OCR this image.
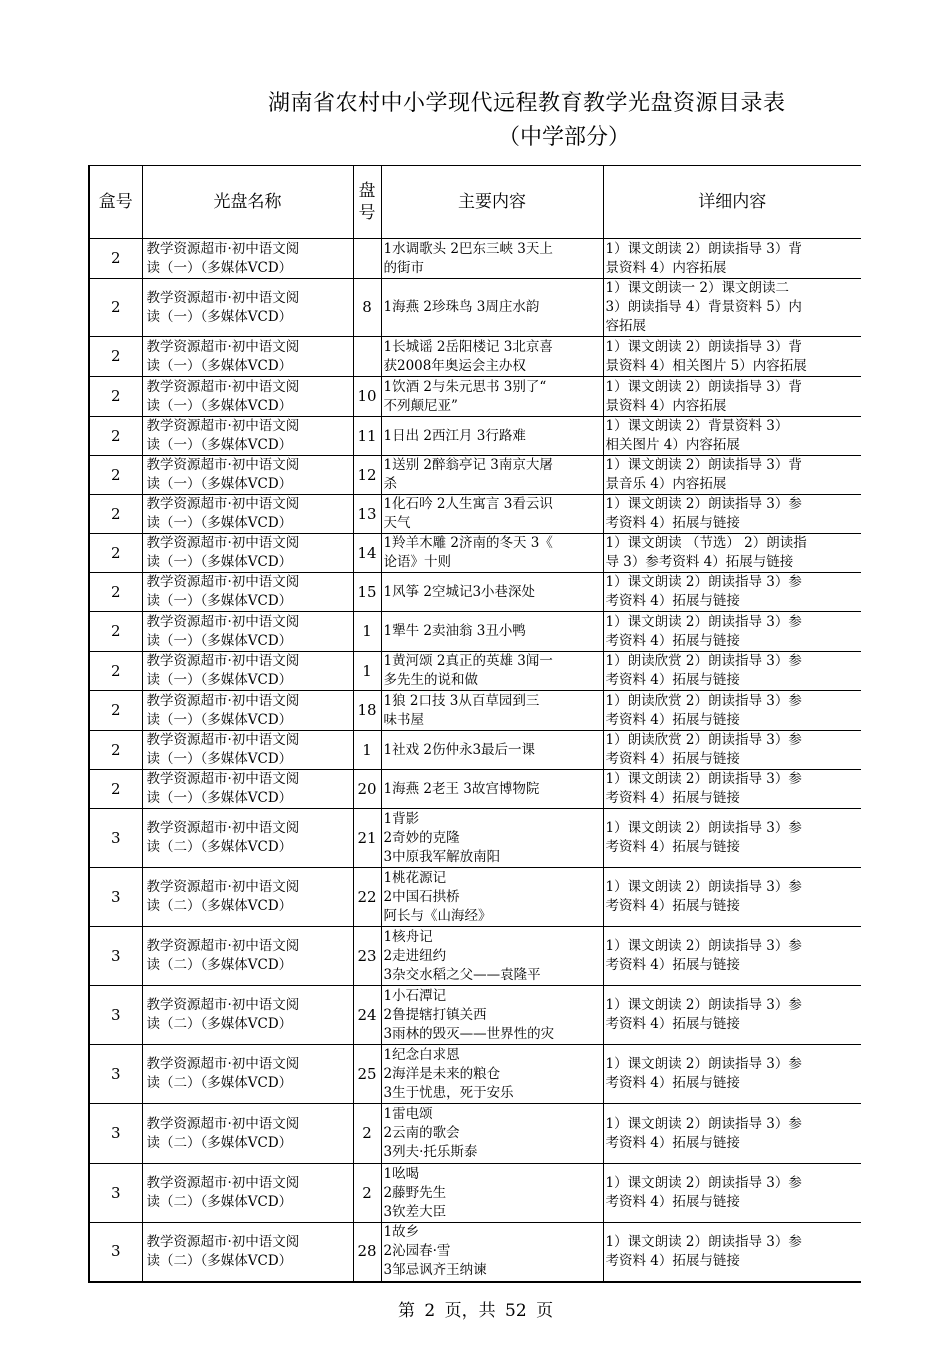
湖南省农村中小学现代远程教育教学光盘资源目录表
（中学部分）
盒号	光盘名称	盘
号	主要内容	详细内容
2	教学资源超市·初中语文阅
读（一）（多媒体VCD）		1水调歌头 2巴东三峡 3天上
的街市	1）课文朗读 2）朗读指导 3）背
景资料 4）内容拓展

2	教学资源超市·初中语文阅
读（一）（多媒体VCD）	8	1海燕 2珍珠鸟 3周庄水韵	1）课文朗读一 2）课文朗读二
3）朗读指导 4）背景资料 5）内
容拓展

2	教学资源超市·初中语文阅
读（一）（多媒体VCD）		1长城谣 2岳阳楼记 3北京喜
获2008年奥运会主办权	1）课文朗读 2）朗读指导 3）背
景资料 4）相关图片 5）内容拓展

2	教学资源超市·初中语文阅
读（一）（多媒体VCD）	10	1饮酒 2与朱元思书 3别了“
不列颠尼亚”	1）课文朗读 2）朗读指导 3）背
景资料 4）内容拓展

2	教学资源超市·初中语文阅
读（一）（多媒体VCD）	11	1日出 2西江月 3行路难	1）课文朗读 2）背景资料 3）
相关图片 4）内容拓展

2	教学资源超市·初中语文阅
读（一）（多媒体VCD）	12	1送别 2醉翁亭记 3南京大屠
杀	1）课文朗读 2）朗读指导 3）背
景音乐 4）内容拓展

2	教学资源超市·初中语文阅
读（一）（多媒体VCD）	13	1化石吟 2人生寓言 3看云识
天气	1）课文朗读 2）朗读指导 3）参
考资料 4）拓展与链接

2	教学资源超市·初中语文阅
读（一）（多媒体VCD）	14	1羚羊木雕 2济南的冬天 3《
论语》十则	1）课文朗读 （节选） 2）朗读指
导 3）参考资料 4）拓展与链接

2	教学资源超市·初中语文阅
读（一）（多媒体VCD）	15	1风筝 2空城记3小巷深处	1）课文朗读 2）朗读指导 3）参
考资料 4）拓展与链接

2	教学资源超市·初中语文阅
读（一）（多媒体VCD）	1	1犟牛 2卖油翁 3丑小鸭	1）课文朗读 2）朗读指导 3）参
考资料 4）拓展与链接

2	教学资源超市·初中语文阅
读（一）（多媒体VCD）	1	1黄河颂 2真正的英雄 3闻一
多先生的说和做	1）朗读欣赏 2）朗读指导 3）参
考资料 4）拓展与链接

2	教学资源超市·初中语文阅
读（一）（多媒体VCD）	18	1狼 2口技 3从百草园到三
味书屋	1）朗读欣赏 2）朗读指导 3）参
考资料 4）拓展与链接

2	教学资源超市·初中语文阅
读（一）（多媒体VCD）	1	1社戏 2伤仲永3最后一课	1）朗读欣赏 2）朗读指导 3）参
考资料 4）拓展与链接

2	教学资源超市·初中语文阅
读（一）（多媒体VCD）	20	1海燕 2老王 3故宫博物院	1）课文朗读 2）朗读指导 3）参
考资料 4）拓展与链接

3	教学资源超市·初中语文阅
读（二）（多媒体VCD）	21	1背影
2奇妙的克隆
3中原我军解放南阳	1）课文朗读 2）朗读指导 3）参
考资料 4）拓展与链接

3	教学资源超市·初中语文阅
读（二）（多媒体VCD）	22	1桃花源记
2中国石拱桥
阿长与《山海经》	1）课文朗读 2）朗读指导 3）参
考资料 4）拓展与链接

3	教学资源超市·初中语文阅
读（二）（多媒体VCD）	23	1核舟记
2走进纽约
3杂交水稻之父——袁隆平	1）课文朗读 2）朗读指导 3）参
考资料 4）拓展与链接

3	教学资源超市·初中语文阅
读（二）（多媒体VCD）	24	1小石潭记
2鲁提辖打镇关西
3雨林的毁灭——世界性的灾	1）课文朗读 2）朗读指导 3）参
考资料 4）拓展与链接

3	教学资源超市·初中语文阅
读（二）（多媒体VCD）	25	1纪念白求恩
2海洋是未来的粮仓
3生于忧患，死于安乐	1）课文朗读 2）朗读指导 3）参
考资料 4）拓展与链接

3	教学资源超市·初中语文阅
读（二）（多媒体VCD）	2	1雷电颂
2云南的歌会
3列夫·托乐斯泰	1）课文朗读 2）朗读指导 3）参
考资料 4）拓展与链接

3	教学资源超市·初中语文阅
读（二）（多媒体VCD）	2	1吆喝
2藤野先生
3钦差大臣	1）课文朗读 2）朗读指导 3）参
考资料 4）拓展与链接

3	教学资源超市·初中语文阅
读（二）（多媒体VCD）	28	1故乡
2沁园春·雪
3邹忌讽齐王纳谏	1）课文朗读 2）朗读指导 3）参
考资料 4）拓展与链接
第 2 页，共 52 页
